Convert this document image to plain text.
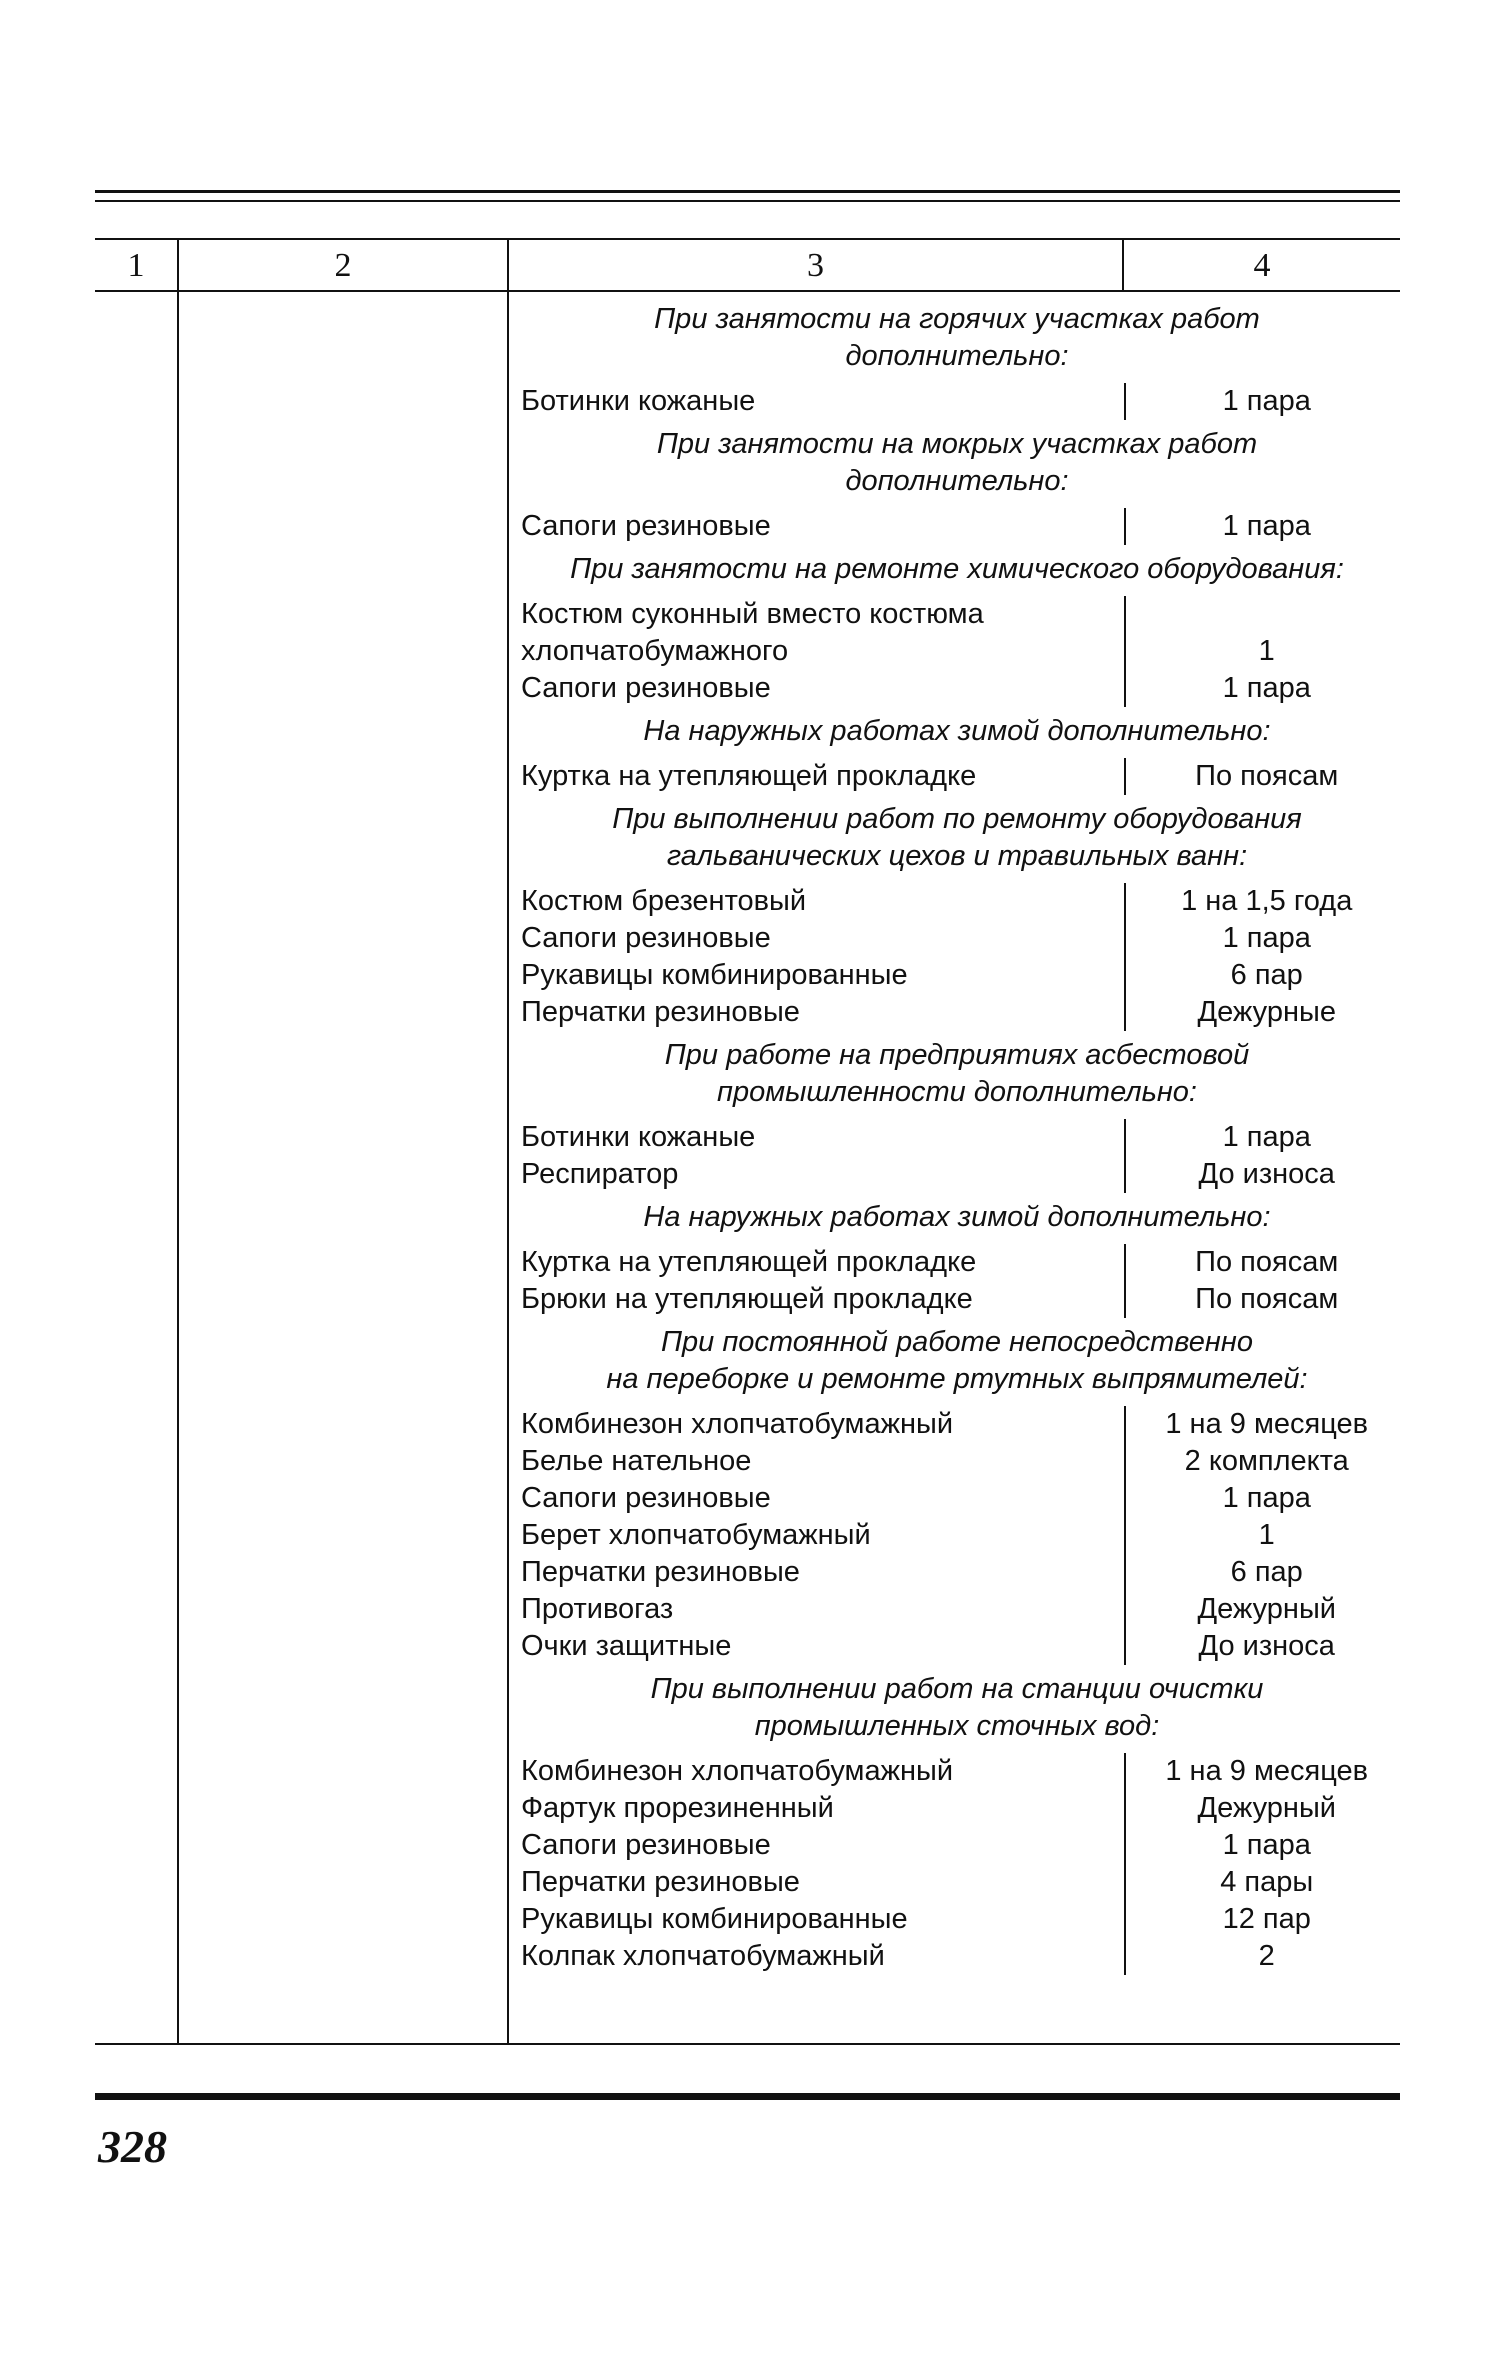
1	2	3	4
При занятости на горячих участках работ
дополнительно:
Ботинки кожаные	1 пара
При занятости на мокрых участках работ
дополнительно:
Сапоги резиновые	1 пара
При занятости на ремонте химического оборудования:
Костюм суконный вместо костюма
хлопчатобумажного	1
Сапоги резиновые	1 пара
На наружных работах зимой дополнительно:
Куртка на утепляющей прокладке	По поясам
При выполнении работ по ремонту оборудования
гальванических цехов и травильных ванн:
Костюм брезентовый	1 на 1,5 года
Сапоги резиновые	1 пара
Рукавицы комбинированные	6 пар
Перчатки резиновые	Дежурные
При работе на предприятиях асбестовой
промышленности дополнительно:
Ботинки кожаные	1 пара
Респиратор	До износа
На наружных работах зимой дополнительно:
Куртка на утепляющей прокладке	По поясам
Брюки на утепляющей прокладке	По поясам
При постоянной работе непосредственно
на переборке и ремонте ртутных выпрямителей:
Комбинезон хлопчатобумажный	1 на 9 месяцев
Белье нательное	2 комплекта
Сапоги резиновые	1 пара
Берет хлопчатобумажный	1
Перчатки резиновые	6 пар
Противогаз	Дежурный
Очки защитные	До износа
При выполнении работ на станции очистки
промышленных сточных вод:
Комбинезон хлопчатобумажный	1 на 9 месяцев
Фартук прорезиненный	Дежурный
Сапоги резиновые	1 пара
Перчатки резиновые	4 пары
Рукавицы комбинированные	12 пар
Колпак хлопчатобумажный	2
328
